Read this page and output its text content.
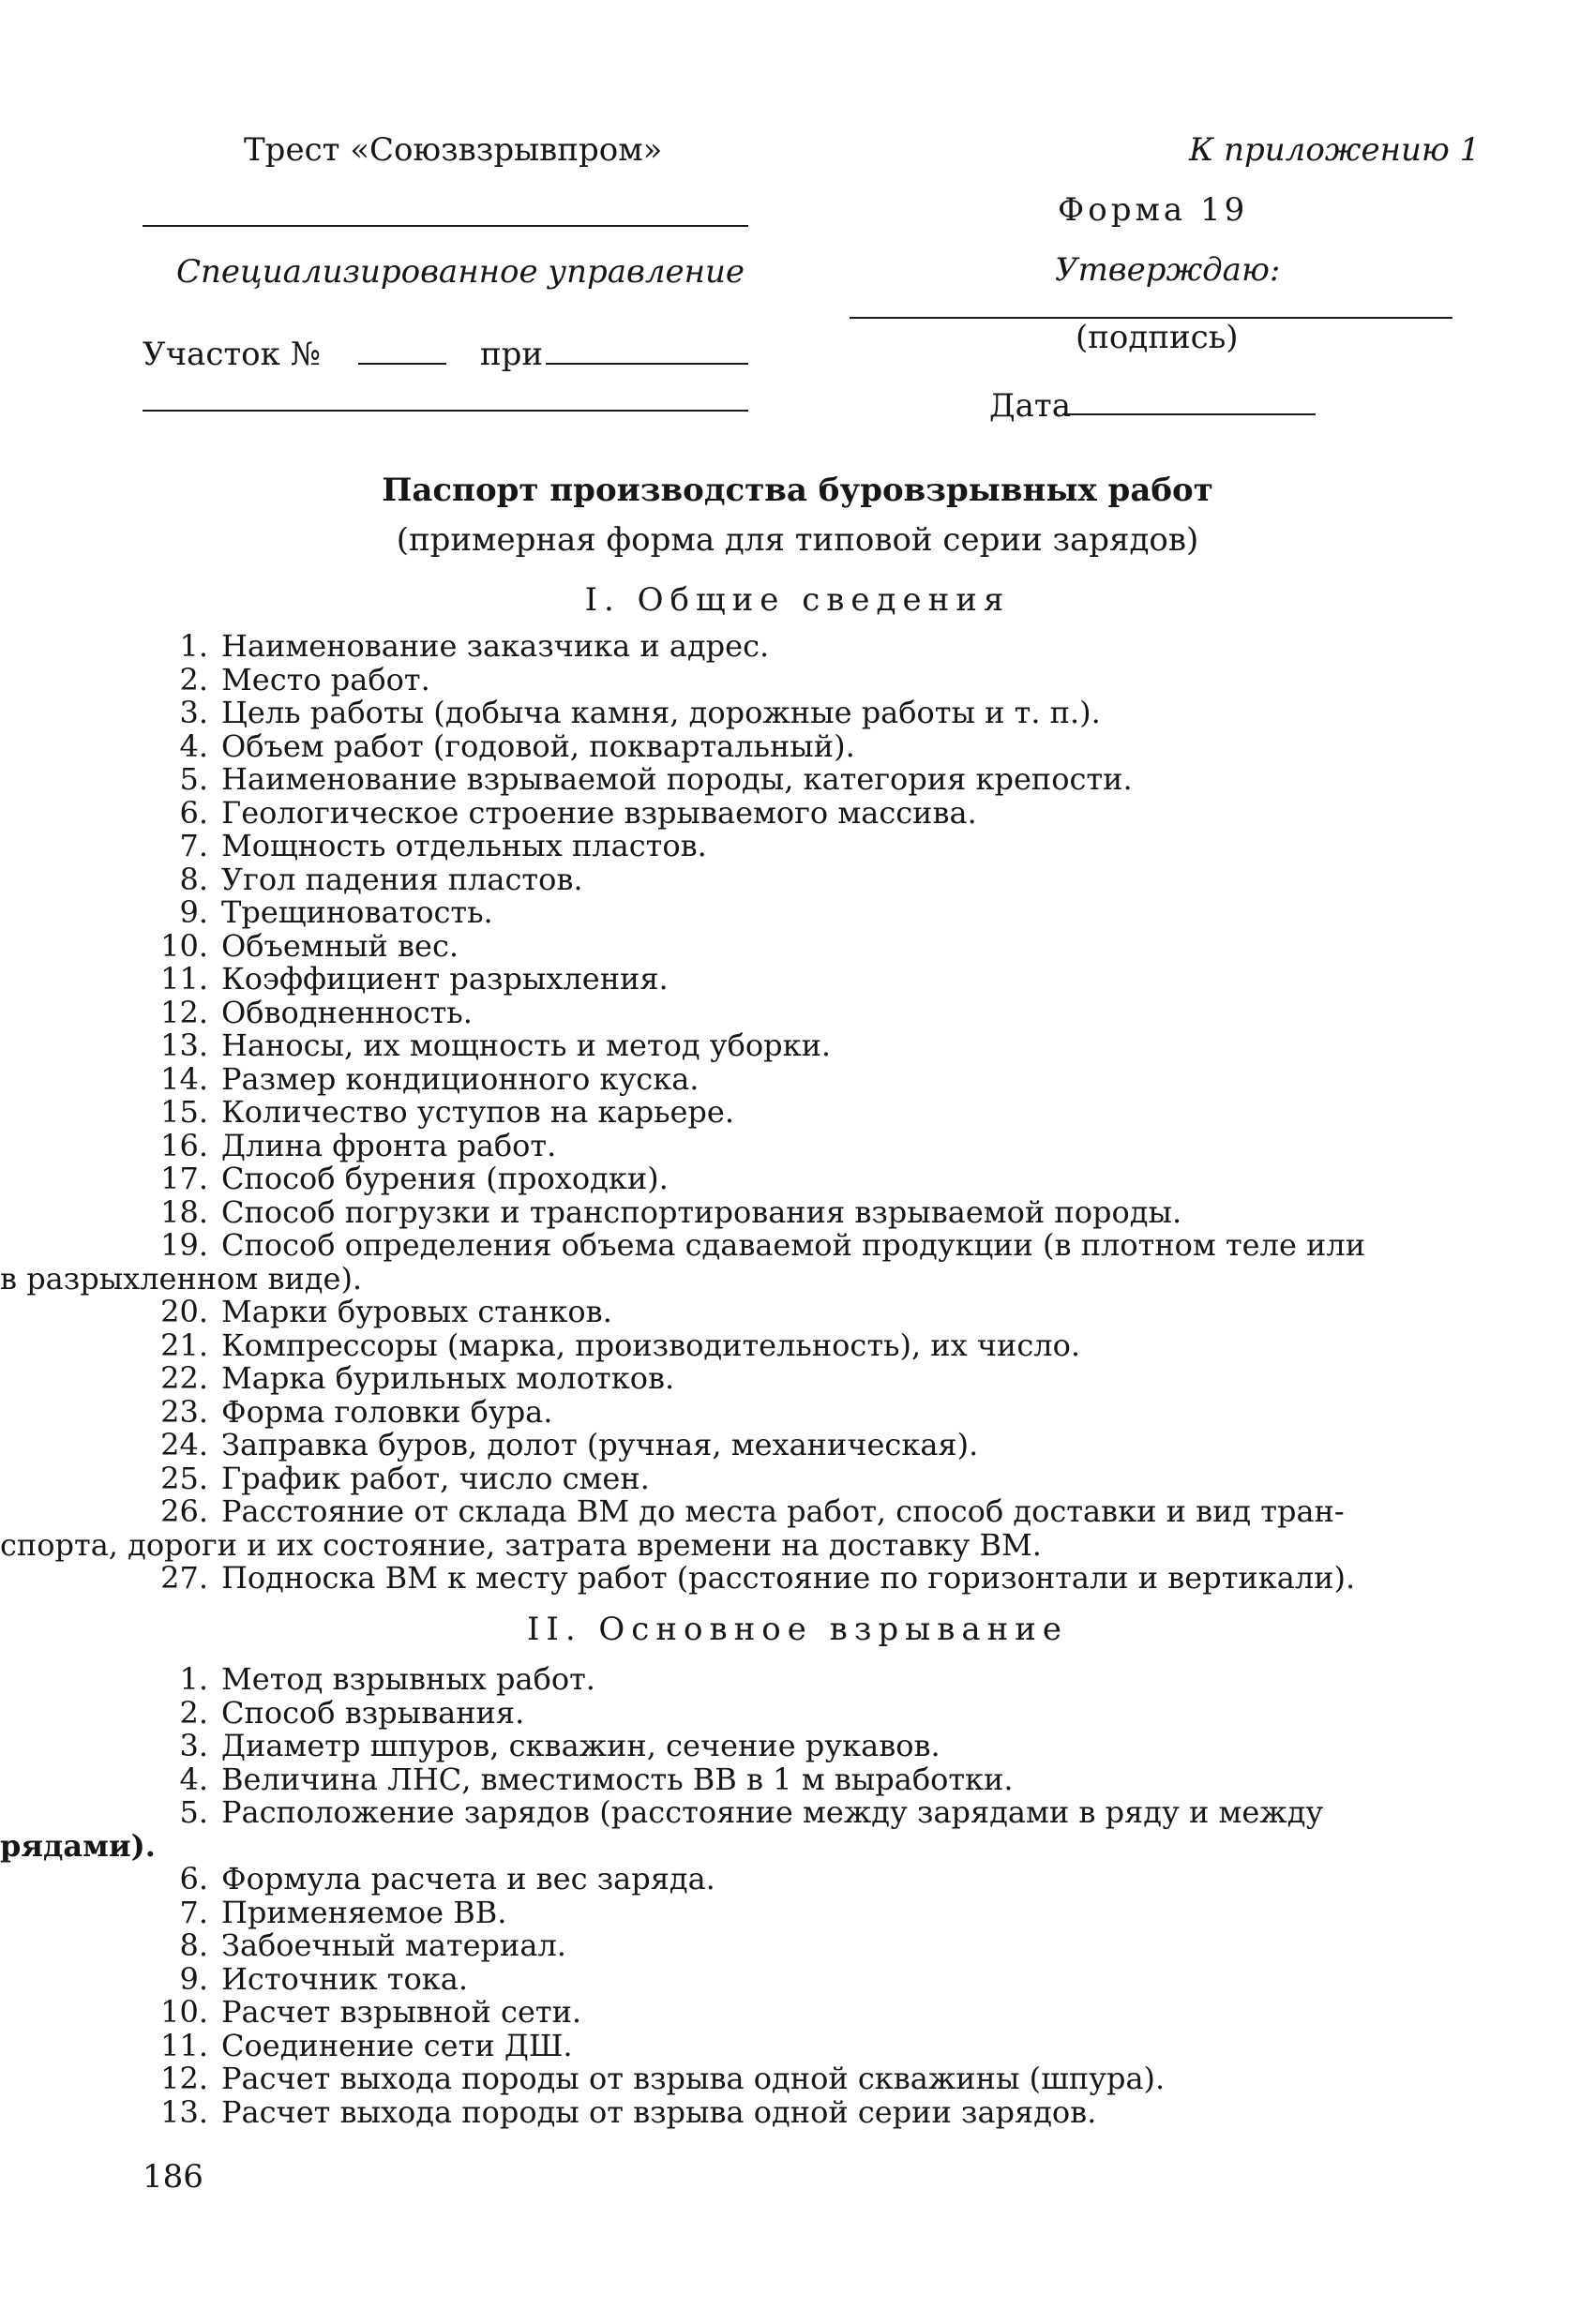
Трест «Союзвзрывпром»	К приложению 1
Форма 19
Специализированное управление	Утверждаю:
(подпись)
Участок №	при
Дата
Паспорт производства буровзрывных работ
(примерная форма для типовой серии зарядов)
I. Общие сведения
1. Наименование заказчика и адрес.
2. Место работ.
3. Цель работы (добыча камня, дорожные работы и т. п.).
4. Объем работ (годовой, поквартальный).
5. Наименование взрываемой породы, категория крепости.
6. Геологическое строение взрываемого массива.
7. Мощность отдельных пластов.
8. Угол падения пластов.
9. Трещиноватость.
10. Объемный вес.
11. Коэффициент разрыхления.
12. Обводненность.
13. Наносы, их мощность и метод уборки.
14. Размер кондиционного куска.
15. Количество уступов на карьере.
16. Длина фронта работ.
17. Способ бурения (проходки).
18. Способ погрузки и транспортирования взрываемой породы.
19. Способ определения объема сдаваемой продукции (в плотном теле или
в разрыхленном виде).
20. Марки буровых станков.
21. Компрессоры (марка, производительность), их число.
22. Марка бурильных молотков.
23. Форма головки бура.
24. Заправка буров, долот (ручная, механическая).
25. График работ, число смен.
26. Расстояние от склада ВМ до места работ, способ доставки и вид тран-
спорта, дороги и их состояние, затрата времени на доставку ВМ.
27. Подноска ВМ к месту работ (расстояние по горизонтали и вертикали).
II. Основное взрывание
1. Метод взрывных работ.
2. Способ взрывания.
3. Диаметр шпуров, скважин, сечение рукавов.
4. Величина ЛНС, вместимость ВВ в 1 м выработки.
5. Расположение зарядов (расстояние между зарядами в ряду и между
рядами).
6. Формула расчета и вес заряда.
7. Применяемое ВВ.
8. Забоечный материал.
9. Источник тока.
10. Расчет взрывной сети.
11. Соединение сети ДШ.
12. Расчет выхода породы от взрыва одной скважины (шпура).
13. Расчет выхода породы от взрыва одной серии зарядов.
186
